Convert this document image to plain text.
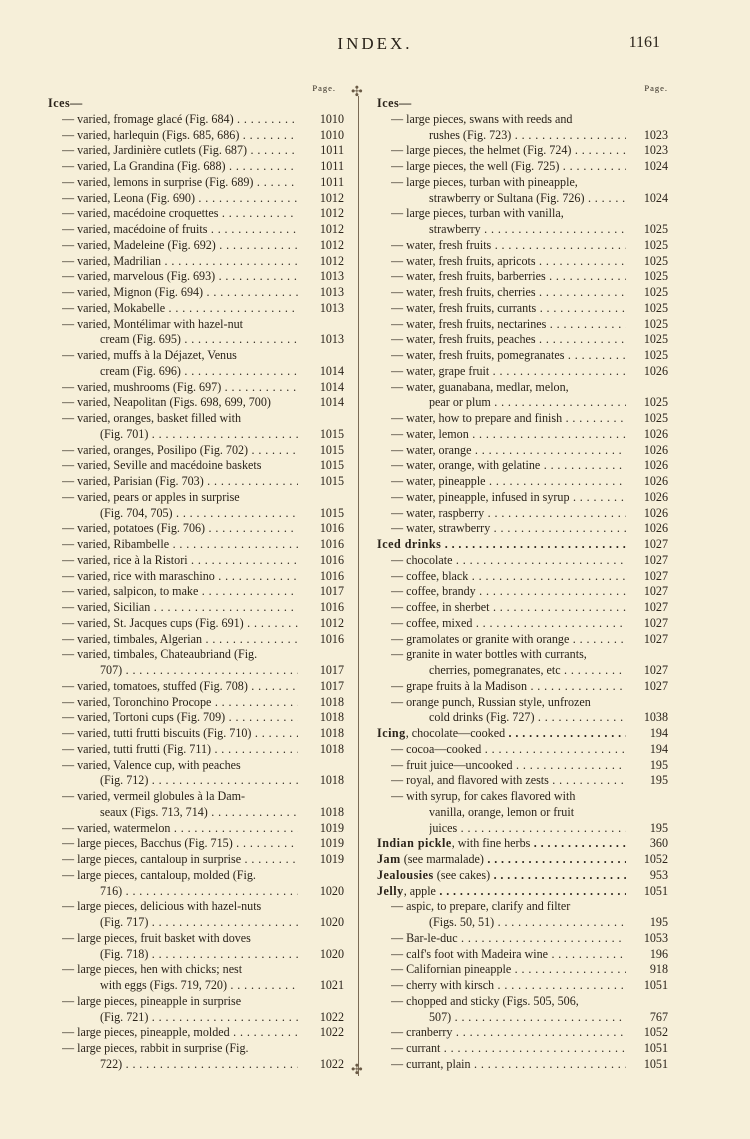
INDEX.	1161
Page.
Ices—
— varied, fromage glacé (Fig. 684) . . .	1010
— varied, harlequin (Figs. 685, 686) . . .	1010
— varied, Jardinière cutlets (Fig. 687) . . .	1011
— varied, La Grandina (Fig. 688) . . .	1011
— varied, lemons in surprise (Fig. 689) . . .	1011
— varied, Leona (Fig. 690) . . .	1012
— varied, macédoine croquettes . . .	1012
— varied, macédoine of fruits . . .	1012
— varied, Madeleine (Fig. 692) . . .	1012
— varied, Madrilian . . .	1012
— varied, marvelous (Fig. 693) . . .	1013
— varied, Mignon (Fig. 694) . . .	1013
— varied, Mokabelle . . .	1013
— varied, Montélimar with hazel-nut
cream (Fig. 695) . . .	1013
— varied, muffs à la Déjazet, Venus
cream (Fig. 696) . . .	1014
— varied, mushrooms (Fig. 697) . . .	1014
— varied, Neapolitan (Figs. 698, 699, 700)	1014
— varied, oranges, basket filled with
(Fig. 701) . . .	1015
— varied, oranges, Posilipo (Fig. 702) . . .	1015
— varied, Seville and macédoine baskets	1015
— varied, Parisian (Fig. 703) . . .	1015
— varied, pears or apples in surprise
(Fig. 704, 705) . . .	1015
— varied, potatoes (Fig. 706) . . .	1016
— varied, Ribambelle . . .	1016
— varied, rice à la Ristori . . .	1016
— varied, rice with maraschino . . .	1016
— varied, salpicon, to make . . .	1017
— varied, Sicilian . . .	1016
— varied, St. Jacques cups (Fig. 691) . . .	1012
— varied, timbales, Algerian . . .	1016
— varied, timbales, Chateaubriand (Fig.
707) . . .	1017
— varied, tomatoes, stuffed (Fig. 708) . . .	1017
— varied, Toronchino Procope . . .	1018
— varied, Tortoni cups (Fig. 709) . . .	1018
— varied, tutti frutti biscuits (Fig. 710) . . .	1018
— varied, tutti frutti (Fig. 711) . . .	1018
— varied, Valence cup, with peaches
(Fig. 712) . . .	1018
— varied, vermeil globules à la Dam-
seaux (Figs. 713, 714) . . .	1018
— varied, watermelon . . .	1019
— large pieces, Bacchus (Fig. 715) . . .	1019
— large pieces, cantaloup in surprise . . .	1019
— large pieces, cantaloup, molded (Fig.
716) . . .	1020
— large pieces, delicious with hazel-nuts
(Fig. 717) . . .	1020
— large pieces, fruit basket with doves
(Fig. 718) . . .	1020
— large pieces, hen with chicks; nest
with eggs (Figs. 719, 720) . . .	1021
— large pieces, pineapple in surprise
(Fig. 721) . . .	1022
— large pieces, pineapple, molded . . .	1022
— large pieces, rabbit in surprise (Fig.
722) . . .	1022
✣
✣
Page.
Ices—
— large pieces, swans with reeds and
rushes (Fig. 723) . . .	1023
— large pieces, the helmet (Fig. 724) . . .	1023
— large pieces, the well (Fig. 725) . . .	1024
— large pieces, turban with pineapple,
strawberry or Sultana (Fig. 726) . . .	1024
— large pieces, turban with vanilla,
strawberry . . .	1025
— water, fresh fruits . . .	1025
— water, fresh fruits, apricots . . .	1025
— water, fresh fruits, barberries . . .	1025
— water, fresh fruits, cherries . . .	1025
— water, fresh fruits, currants . . .	1025
— water, fresh fruits, nectarines . . .	1025
— water, fresh fruits, peaches . . .	1025
— water, fresh fruits, pomegranates . . .	1025
— water, grape fruit . . .	1026
— water, guanabana, medlar, melon,
pear or plum . . .	1025
— water, how to prepare and finish . . .	1025
— water, lemon . . .	1026
— water, orange . . .	1026
— water, orange, with gelatine . . .	1026
— water, pineapple . . .	1026
— water, pineapple, infused in syrup . . .	1026
— water, raspberry . . .	1026
— water, strawberry . . .	1026
Iced drinks . . .	1027
— chocolate . . .	1027
— coffee, black . . .	1027
— coffee, brandy . . .	1027
— coffee, in sherbet . . .	1027
— coffee, mixed . . .	1027
— gramolates or granite with orange . . .	1027
— granite in water bottles with currants,
cherries, pomegranates, etc . . .	1027
— grape fruits à la Madison . . .	1027
— orange punch, Russian style, unfrozen
cold drinks (Fig. 727) . . .	1038
Icing, chocolate—cooked . . .	194
— cocoa—cooked . . .	194
— fruit juice—uncooked . . .	195
— royal, and flavored with zests . . .	195
— with syrup, for cakes flavored with
vanilla, orange, lemon or fruit
juices . . .	195
Indian pickle, with fine herbs . . .	360
Jam (see marmalade) . . .	1052
Jealousies (see cakes) . . .	953
Jelly, apple . . .	1051
— aspic, to prepare, clarify and filter
(Figs. 50, 51) . . .	195
— Bar-le-duc . . .	1053
— calf's foot with Madeira wine . . .	196
— Californian pineapple . . .	918
— cherry with kirsch . . .	1051
— chopped and sticky (Figs. 505, 506,
507) . . .	767
— cranberry . . .	1052
— currant . . .	1051
— currant, plain . . .	1051
